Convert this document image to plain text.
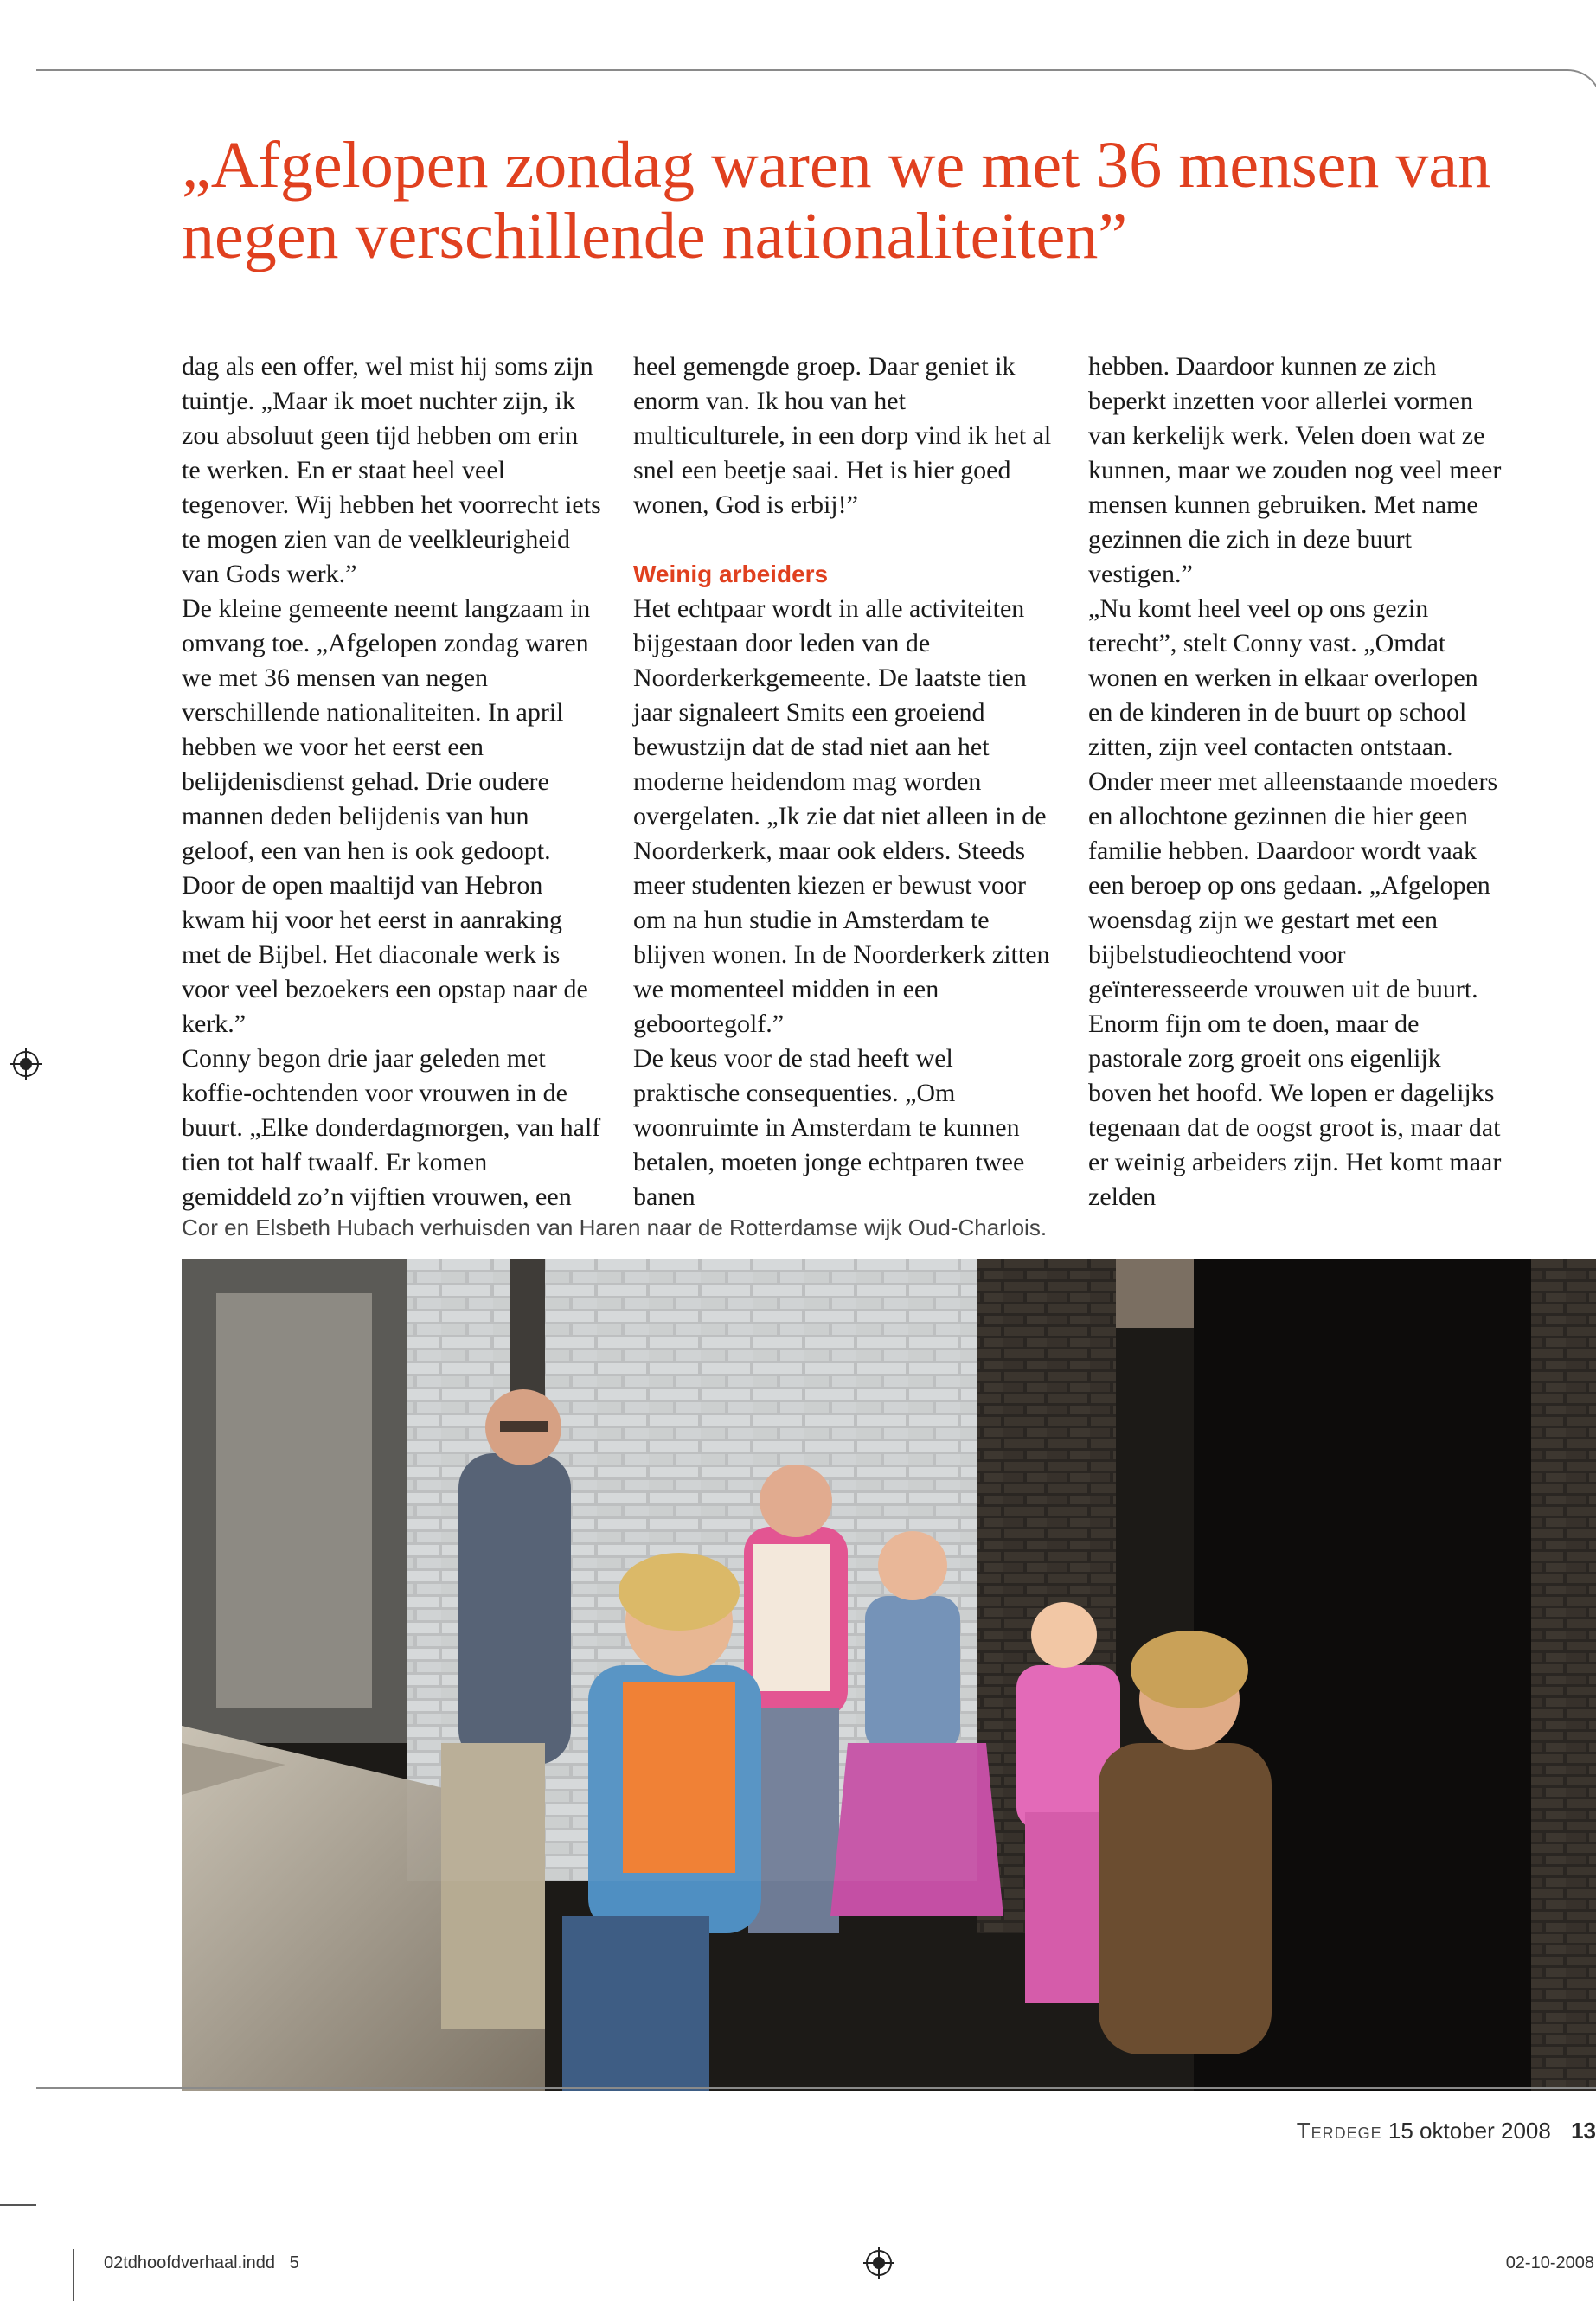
„Afgelopen zondag waren we met 36 mensen van negen verschillende nationaliteiten”

dag als een offer, wel mist hij soms zijn tuintje. „Maar ik moet nuchter zijn, ik zou absoluut geen tijd hebben om erin te werken. En er staat heel veel tegenover. Wij hebben het voorrecht iets te mogen zien van de veelkleurigheid van Gods werk.”

De kleine gemeente neemt langzaam in omvang toe. „Afgelopen zondag waren we met 36 mensen van negen verschillende nationaliteiten. In april hebben we voor het eerst een belijdenisdienst gehad. Drie oudere mannen deden belijdenis van hun geloof, een van hen is ook gedoopt. Door de open maaltijd van Hebron kwam hij voor het eerst in aanraking met de Bijbel. Het diaconale werk is voor veel bezoekers een opstap naar de kerk.”

Conny begon drie jaar geleden met koffie-ochtenden voor vrouwen in de buurt. „Elke donderdagmorgen, van half tien tot half twaalf. Er komen gemiddeld zo’n vijftien vrouwen, een

heel gemengde groep. Daar geniet ik enorm van. Ik hou van het multiculturele, in een dorp vind ik het al snel een beetje saai. Het is hier goed wonen, God is erbij!”

Weinig arbeiders

Het echtpaar wordt in alle activiteiten bijgestaan door leden van de Noorderkerkgemeente. De laatste tien jaar signaleert Smits een groeiend bewustzijn dat de stad niet aan het moderne heidendom mag worden overgelaten. „Ik zie dat niet alleen in de Noorderkerk, maar ook elders. Steeds meer studenten kiezen er bewust voor om na hun studie in Amsterdam te blijven wonen. In de Noorderkerk zitten we momenteel midden in een geboortegolf.”

De keus voor de stad heeft wel praktische consequenties. „Om woonruimte in Amsterdam te kunnen betalen, moeten jonge echtparen twee banen

hebben. Daardoor kunnen ze zich beperkt inzetten voor allerlei vormen van kerkelijk werk. Velen doen wat ze kunnen, maar we zouden nog veel meer mensen kunnen gebruiken. Met name gezinnen die zich in deze buurt vestigen.”

„Nu komt heel veel op ons gezin terecht”, stelt Conny vast. „Omdat wonen en werken in elkaar overlopen en de kinderen in de buurt op school zitten, zijn veel contacten ontstaan. Onder meer met alleenstaande moeders en allochtone gezinnen die hier geen familie hebben. Daardoor wordt vaak een beroep op ons gedaan. „Afgelopen woensdag zijn we gestart met een bijbelstudieochtend voor geïnteresseerde vrouwen uit de buurt. Enorm fijn om te doen, maar de pastorale zorg groeit ons eigenlijk boven het hoofd. We lopen er dagelijks tegenaan dat de oogst groot is, maar dat er weinig arbeiders zijn. Het komt maar zelden

Cor en Elsbeth Hubach verhuisden van Haren naar de Rotterdamse wijk Oud-Charlois.
Terdege 15 oktober 2008 13
02tdhoofdverhaal.indd   5	02-10-2008
